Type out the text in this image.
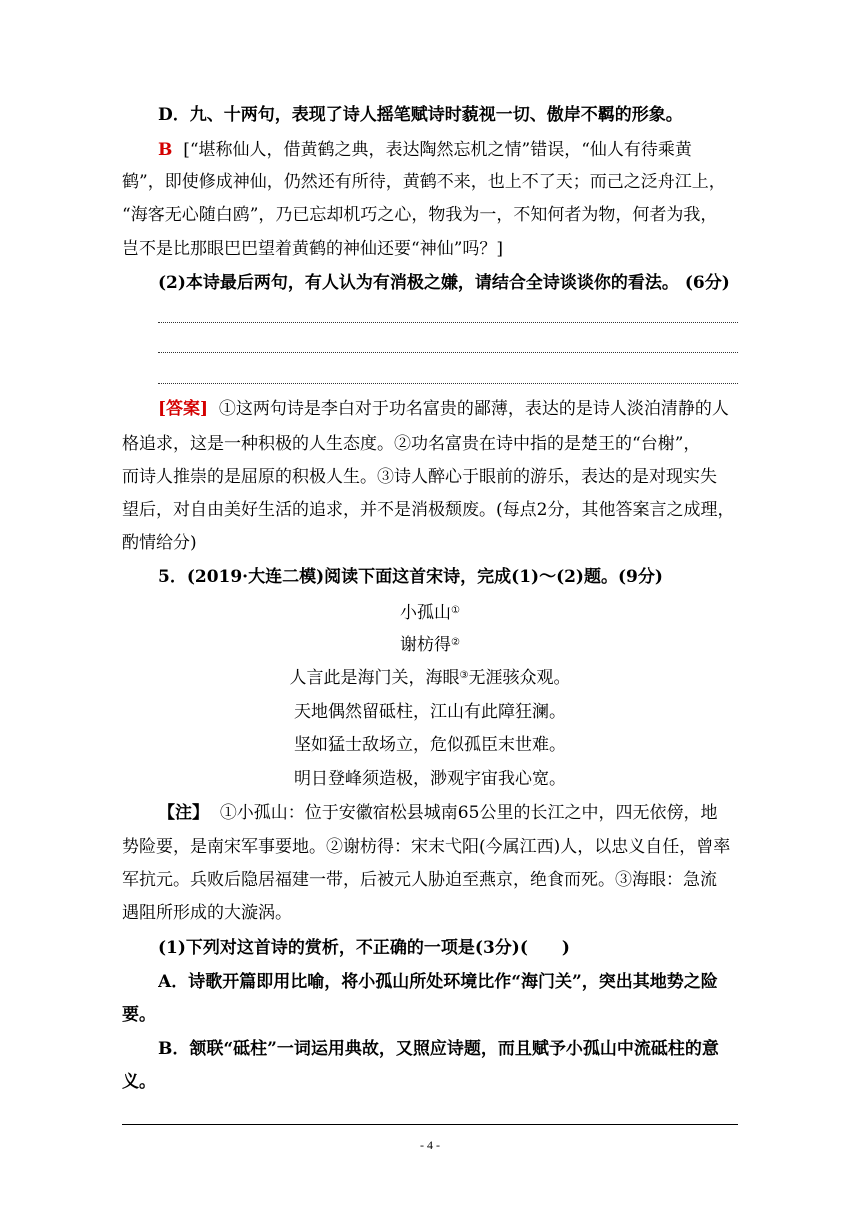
D．九、十两句，表现了诗人摇笔赋诗时藐视一切、傲岸不羁的形象。
B [“堪称仙人，借黄鹤之典，表达陶然忘机之情”错误，“仙人有待乘黄
鹤”，即使修成神仙，仍然还有所待，黄鹤不来，也上不了天；而己之泛舟江上，
“海客无心随白鸥”，乃已忘却机巧之心，物我为一，不知何者为物，何者为我，
岂不是比那眼巴巴望着黄鹤的神仙还要“神仙”吗？]
(2)本诗最后两句，有人认为有消极之嫌，请结合全诗谈谈你的看法。 (6分)
[答案] ①这两句诗是李白对于功名富贵的鄙薄，表达的是诗人淡泊清静的人
格追求，这是一种积极的人生态度。②功名富贵在诗中指的是楚王的“台榭”，
而诗人推崇的是屈原的积极人生。③诗人醉心于眼前的游乐，表达的是对现实失
望后，对自由美好生活的追求，并不是消极颓废。(每点2分，其他答案言之成理，
酌情给分)
5．(2019·大连二模)阅读下面这首宋诗，完成(1)～(2)题。(9分)
小孤山①
谢枋得②
人言此是海门关，海眼③无涯骇众观。
天地偶然留砥柱，江山有此障狂澜。
坚如猛士敌场立，危似孤臣末世难。
明日登峰须造极，渺观宇宙我心宽。
【注】 ①小孤山：位于安徽宿松县城南65公里的长江之中，四无依傍，地
势险要，是南宋军事要地。②谢枋得：宋末弋阳(今属江西)人，以忠义自任，曾率
军抗元。兵败后隐居福建一带，后被元人胁迫至燕京，绝食而死。③海眼：急流
遇阻所形成的大漩涡。
(1)下列对这首诗的赏析，不正确的一项是(3分)(　　)
A．诗歌开篇即用比喻，将小孤山所处环境比作“海门关”，突出其地势之险
要。
B．颔联“砥柱”一词运用典故，又照应诗题，而且赋予小孤山中流砥柱的意
义。
- 4 -
